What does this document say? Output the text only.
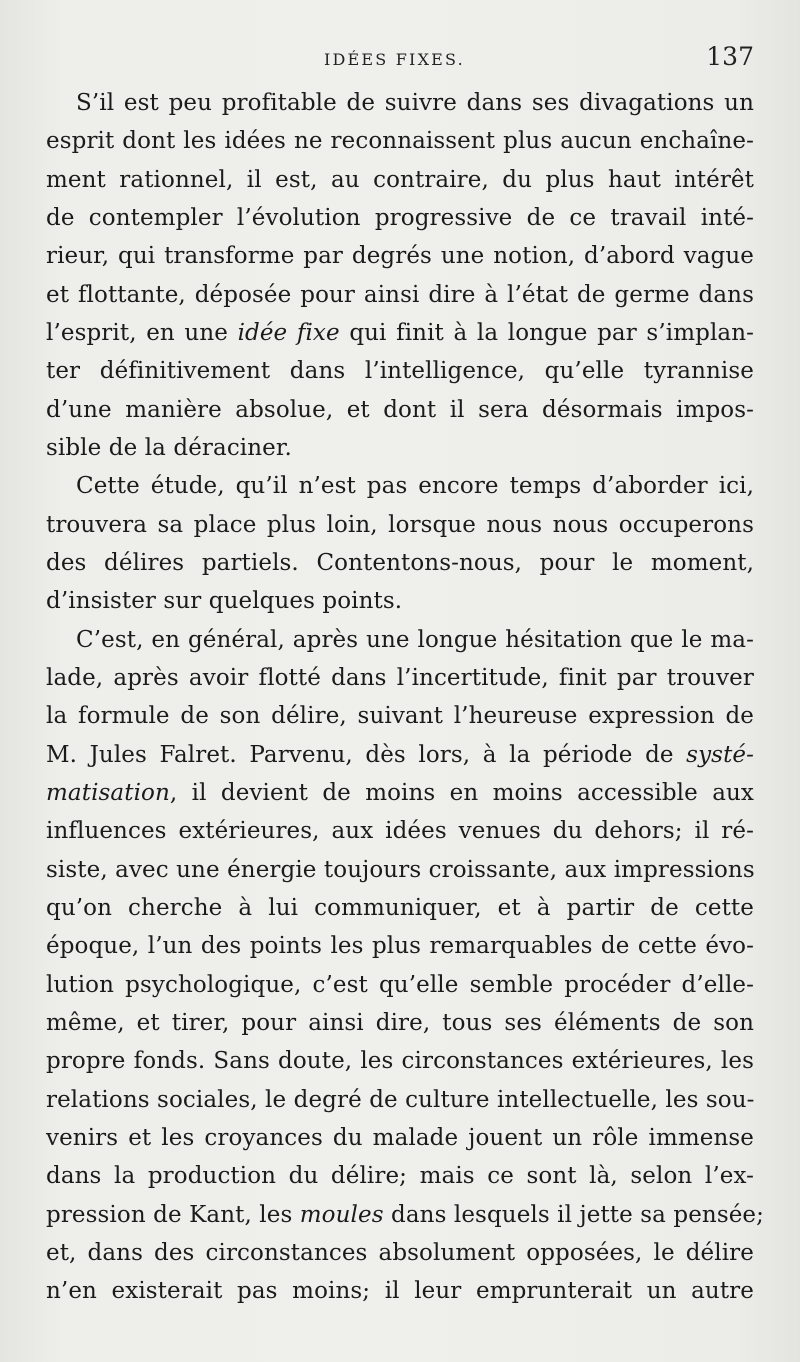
IDÉES FIXES.	137
S’il est peu profitable de suivre dans ses divagations un
esprit dont les idées ne reconnaissent plus aucun enchaîne-
ment rationnel, il est, au contraire, du plus haut intérêt
de contempler l’évolution progressive de ce travail inté-
rieur, qui transforme par degrés une notion, d’abord vague
et flottante, déposée pour ainsi dire à l’état de germe dans
l’esprit, en une idée fixe qui finit à la longue par s’implan-
ter définitivement dans l’intelligence, qu’elle tyrannise
d’une manière absolue, et dont il sera désormais impos-
sible de la déraciner.
Cette étude, qu’il n’est pas encore temps d’aborder ici,
trouvera sa place plus loin, lorsque nous nous occuperons
des délires partiels. Contentons-nous, pour le moment,
d’insister sur quelques points.
C’est, en général, après une longue hésitation que le ma-
lade, après avoir flotté dans l’incertitude, finit par trouver
la formule de son délire, suivant l’heureuse expression de
M. Jules Falret. Parvenu, dès lors, à la période de systé-
matisation, il devient de moins en moins accessible aux
influences extérieures, aux idées venues du dehors; il ré-
siste, avec une énergie toujours croissante, aux impressions
qu’on cherche à lui communiquer, et à partir de cette
époque, l’un des points les plus remarquables de cette évo-
lution psychologique, c’est qu’elle semble procéder d’elle-
même, et tirer, pour ainsi dire, tous ses éléments de son
propre fonds. Sans doute, les circonstances extérieures, les
relations sociales, le degré de culture intellectuelle, les sou-
venirs et les croyances du malade jouent un rôle immense
dans la production du délire; mais ce sont là, selon l’ex-
pression de Kant, les moules dans lesquels il jette sa pensée;
et, dans des circonstances absolument opposées, le délire
n’en existerait pas moins; il leur emprunterait un autre
